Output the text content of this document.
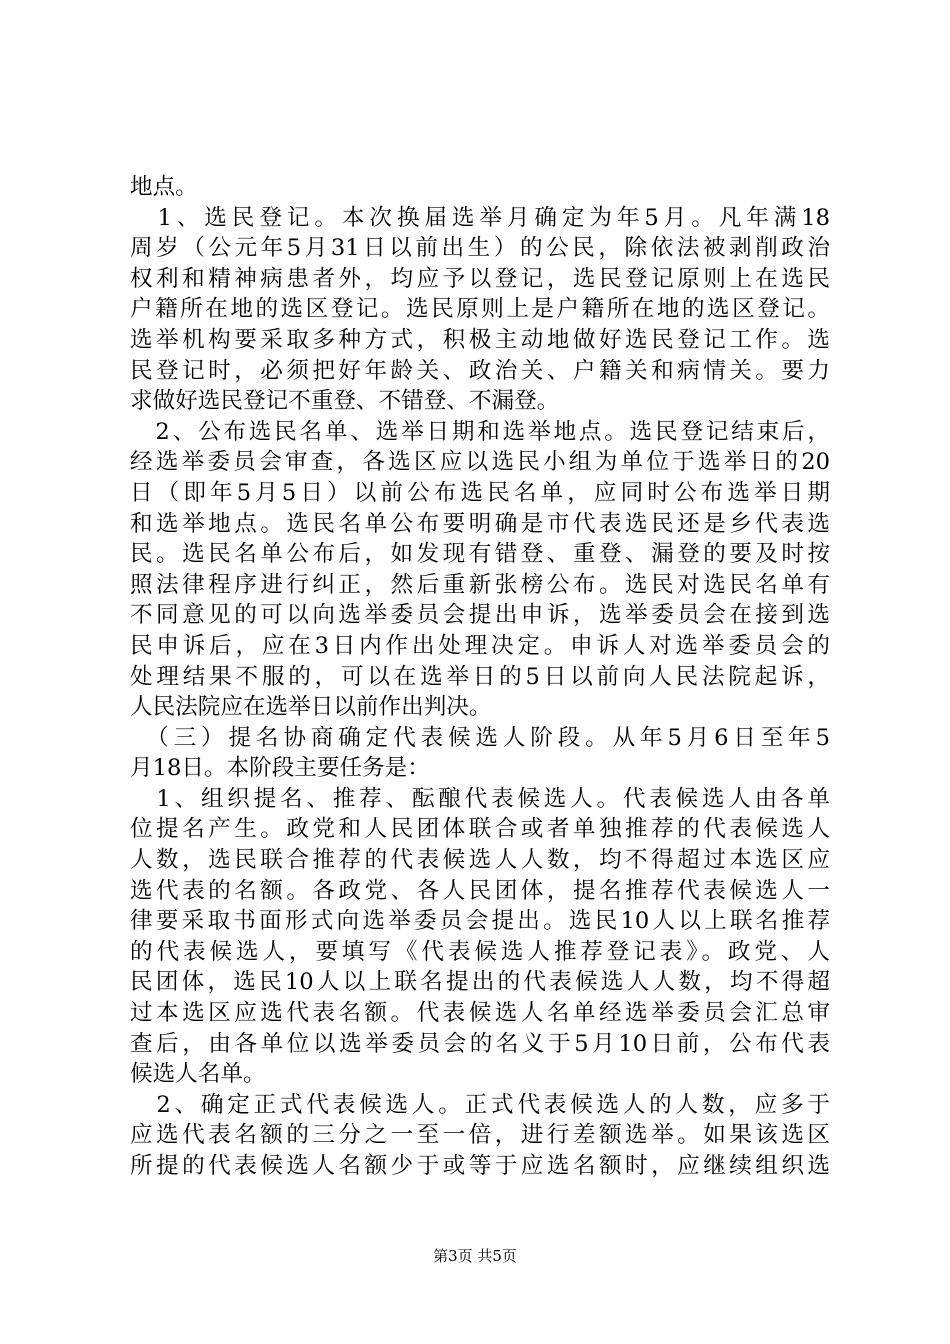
地点。
　1、选民登记。本次换届选举月确定为年5月。凡年满18
周岁（公元年5月31日以前出生）的公民，除依法被剥削政治
权利和精神病患者外，均应予以登记，选民登记原则上在选民
户籍所在地的选区登记。选民原则上是户籍所在地的选区登记。
选举机构要采取多种方式，积极主动地做好选民登记工作。选
民登记时，必须把好年龄关、政治关、户籍关和病情关。要力
求做好选民登记不重登、不错登、不漏登。
　2、公布选民名单、选举日期和选举地点。选民登记结束后，
经选举委员会审查，各选区应以选民小组为单位于选举日的20
日（即年5月5日）以前公布选民名单，应同时公布选举日期
和选举地点。选民名单公布要明确是市代表选民还是乡代表选
民。选民名单公布后，如发现有错登、重登、漏登的要及时按
照法律程序进行纠正，然后重新张榜公布。选民对选民名单有
不同意见的可以向选举委员会提出申诉，选举委员会在接到选
民申诉后，应在3日内作出处理决定。申诉人对选举委员会的
处理结果不服的，可以在选举日的5日以前向人民法院起诉，
人民法院应在选举日以前作出判决。
　（三）提名协商确定代表候选人阶段。从年5月6日至年5
月18日。本阶段主要任务是：
　1、组织提名、推荐、酝酿代表候选人。代表候选人由各单
位提名产生。政党和人民团体联合或者单独推荐的代表候选人
人数，选民联合推荐的代表候选人人数，均不得超过本选区应
选代表的名额。各政党、各人民团体，提名推荐代表候选人一
律要采取书面形式向选举委员会提出。选民10人以上联名推荐
的代表候选人，要填写《代表候选人推荐登记表》。政党、人
民团体，选民10人以上联名提出的代表候选人人数，均不得超
过本选区应选代表名额。代表候选人名单经选举委员会汇总审
查后，由各单位以选举委员会的名义于5月10日前，公布代表
候选人名单。
　2、确定正式代表候选人。正式代表候选人的人数，应多于
应选代表名额的三分之一至一倍，进行差额选举。如果该选区
所提的代表候选人名额少于或等于应选名额时，应继续组织选
第3页 共5页
